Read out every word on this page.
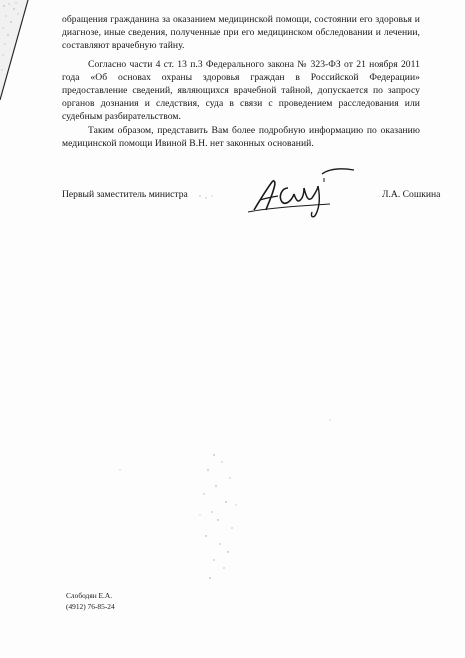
обращения гражданина за оказанием медицинской помощи, состоянии его здоровья и диагнозе, иные сведения, полученные при его медицинском обследовании и лечении, составляют врачебную тайну.

Согласно части 4 ст. 13 п.3 Федерального закона № 323-ФЗ от 21 ноября 2011 года «Об основах охраны здоровья граждан в Российской Федерации» предоставление сведений, являющихся врачебной тайной, допускается по запросу органов дознания и следствия, суда в связи с проведением расследования или судебным разбирательством.

Таким образом, представить Вам более подробную информацию по оказанию медицинской помощи Ивиной В.Н. нет законных оснований.

Первый заместитель министра	Л.А. Сошкина

Слободян Е.А.
(4912) 76-85-24
